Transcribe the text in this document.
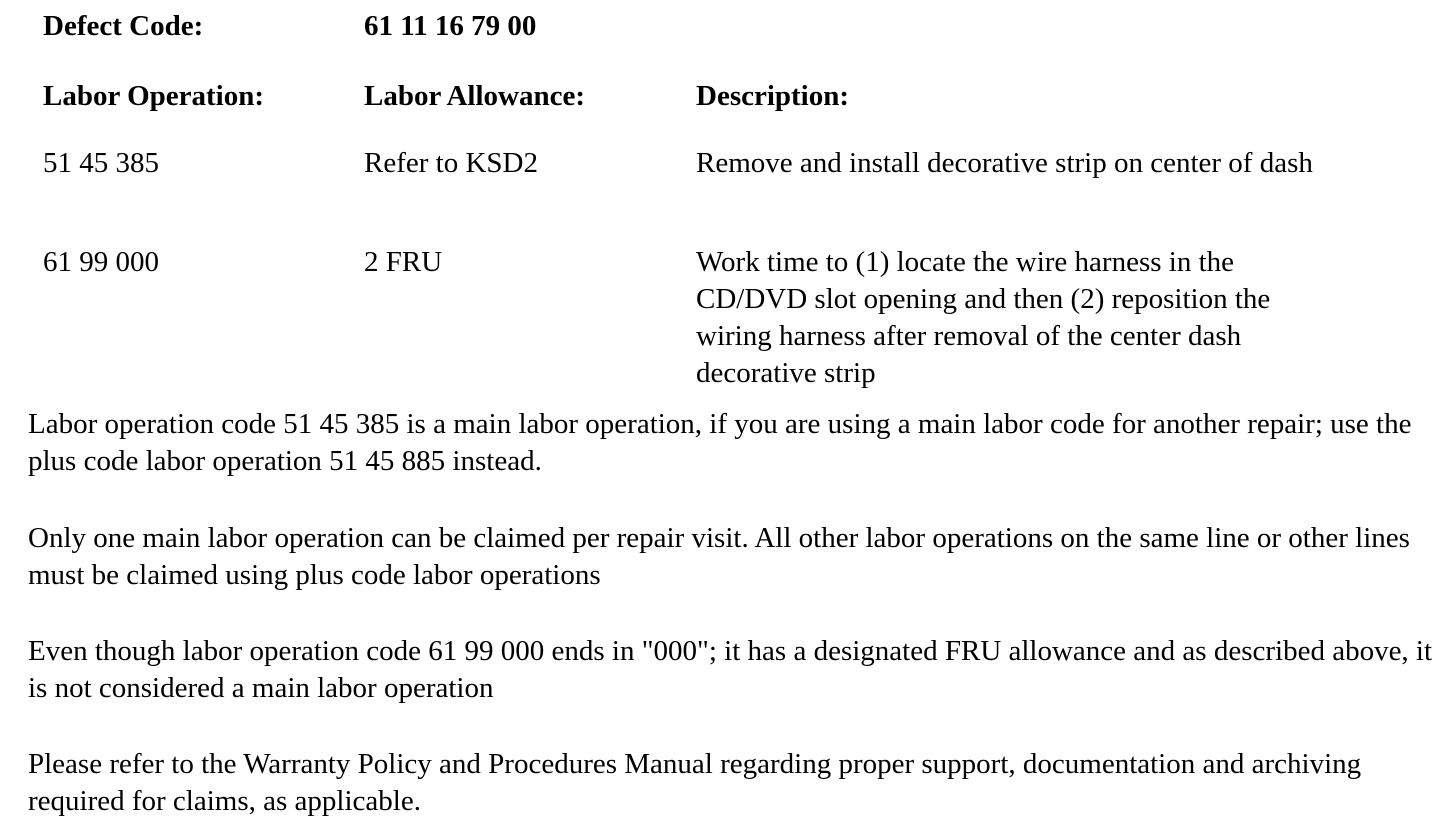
Defect Code:	61 11 16 79 00
Labor Operation:	Labor Allowance:	Description:
51 45 385	Refer to KSD2	Remove and install decorative strip on center of dash
61 99 000	2 FRU	Work time to (1) locate the wire harness in the CD/DVD slot opening and then (2) reposition the wiring harness after removal of the center dash decorative strip

Labor operation code 51 45 385 is a main labor operation, if you are using a main labor code for another repair; use the plus code labor operation 51 45 885 instead.

Only one main labor operation can be claimed per repair visit. All other labor operations on the same line or other lines must be claimed using plus code labor operations

Even though labor operation code 61 99 000 ends in "000"; it has a designated FRU allowance and as described above, it is not considered a main labor operation

Please refer to the Warranty Policy and Procedures Manual regarding proper support, documentation and archiving required for claims, as applicable.
